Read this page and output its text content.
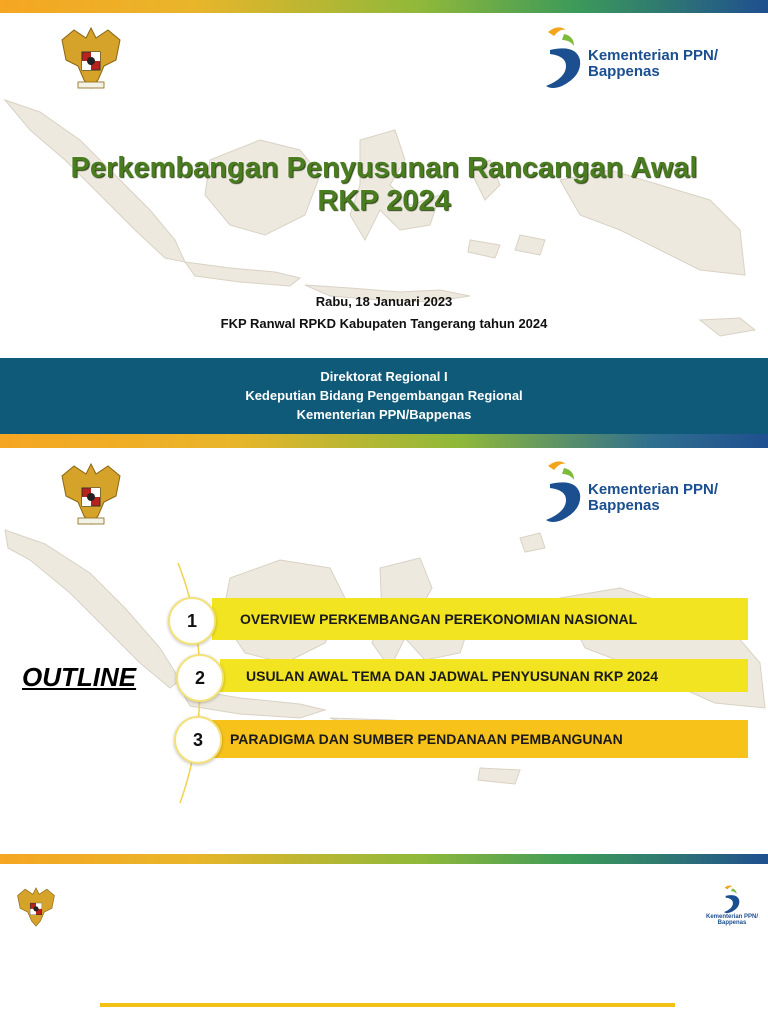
Kementerian PPN/
Bappenas
Perkembangan Penyusunan Rancangan Awal
RKP 2024
Rabu, 18 Januari 2023
FKP Ranwal RPKD Kabupaten Tangerang tahun 2024
Direktorat Regional I
Kedeputian Bidang Pengembangan Regional
Kementerian PPN/Bappenas
Kementerian PPN/
Bappenas
OUTLINE
OVERVIEW PERKEMBANGAN PEREKONOMIAN NASIONAL
1
USULAN AWAL TEMA DAN JADWAL PENYUSUNAN RKP 2024
2
PARADIGMA DAN SUMBER PENDANAAN PEMBANGUNAN
3
Kementerian PPN/
Bappenas
